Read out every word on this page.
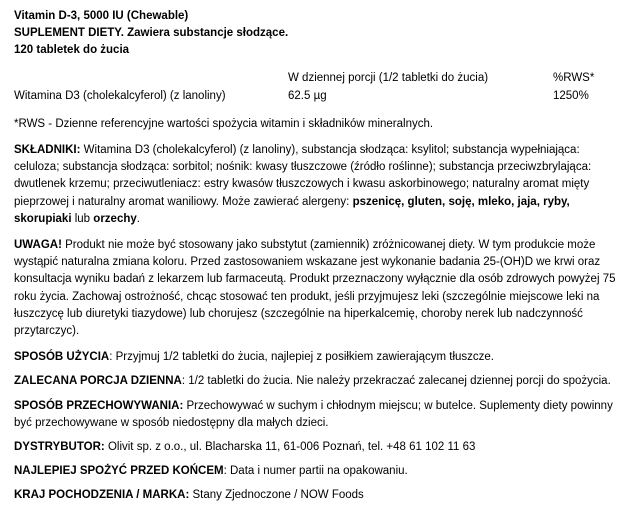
Vitamin D-3, 5000 IU (Chewable)
SUPLEMENT DIETY. Zawiera substancje słodzące.
120 tabletek do żucia
	W dziennej porcji (1/2 tabletki do żucia)	%RWS*
Witamina D3 (cholekalcyferol) (z lanoliny)	62.5 µg	1250%
*RWS - Dzienne referencyjne wartości spożycia witamin i składników mineralnych.
SKŁADNIKI: Witamina D3 (cholekalcyferol) (z lanoliny), substancja słodząca: ksylitol; substancja wypełniająca: celuloza; substancja słodząca: sorbitol; nośnik: kwasy tłuszczowe (źródło roślinne); substancja przeciwzbrylająca: dwutlenek krzemu; przeciwutleniacz: estry kwasów tłuszczowych i kwasu askorbinowego; naturalny aromat mięty pieprzowej i naturalny aromat waniliowy. Może zawierać alergeny: pszenicę, gluten, soję, mleko, jaja, ryby, skorupiaki lub orzechy.
UWAGA! Produkt nie może być stosowany jako substytut (zamiennik) zróżnicowanej diety. W tym produkcie może wystąpić naturalna zmiana koloru. Przed zastosowaniem wskazane jest wykonanie badania 25-(OH)D we krwi oraz konsultacja wyniku badań z lekarzem lub farmaceutą. Produkt przeznaczony wyłącznie dla osób zdrowych powyżej 75 roku życia. Zachowaj ostrożność, chcąc stosować ten produkt, jeśli przyjmujesz leki (szczególnie miejscowe leki na łuszczycę lub diuretyki tiazydowe) lub chorujesz (szczególnie na hiperkalcemię, choroby nerek lub nadczynność przytarczyc).
SPOSÓB UŻYCIA: Przyjmuj 1/2 tabletki do żucia, najlepiej z posiłkiem zawierającym tłuszcze.
ZALECANA PORCJA DZIENNA: 1/2 tabletki do żucia. Nie należy przekraczać zalecanej dziennej porcji do spożycia.
SPOSÓB PRZECHOWYWANIA: Przechowywać w suchym i chłodnym miejscu; w butelce. Suplementy diety powinny być przechowywane w sposób niedostępny dla małych dzieci.
DYSTRYBUTOR: Olivit sp. z o.o., ul. Blacharska 11, 61-006 Poznań, tel. +48 61 102 11 63
NAJLEPIEJ SPOŻYĆ PRZED KOŃCEM: Data i numer partii na opakowaniu.
KRAJ POCHODZENIA / MARKA: Stany Zjednoczone / NOW Foods
